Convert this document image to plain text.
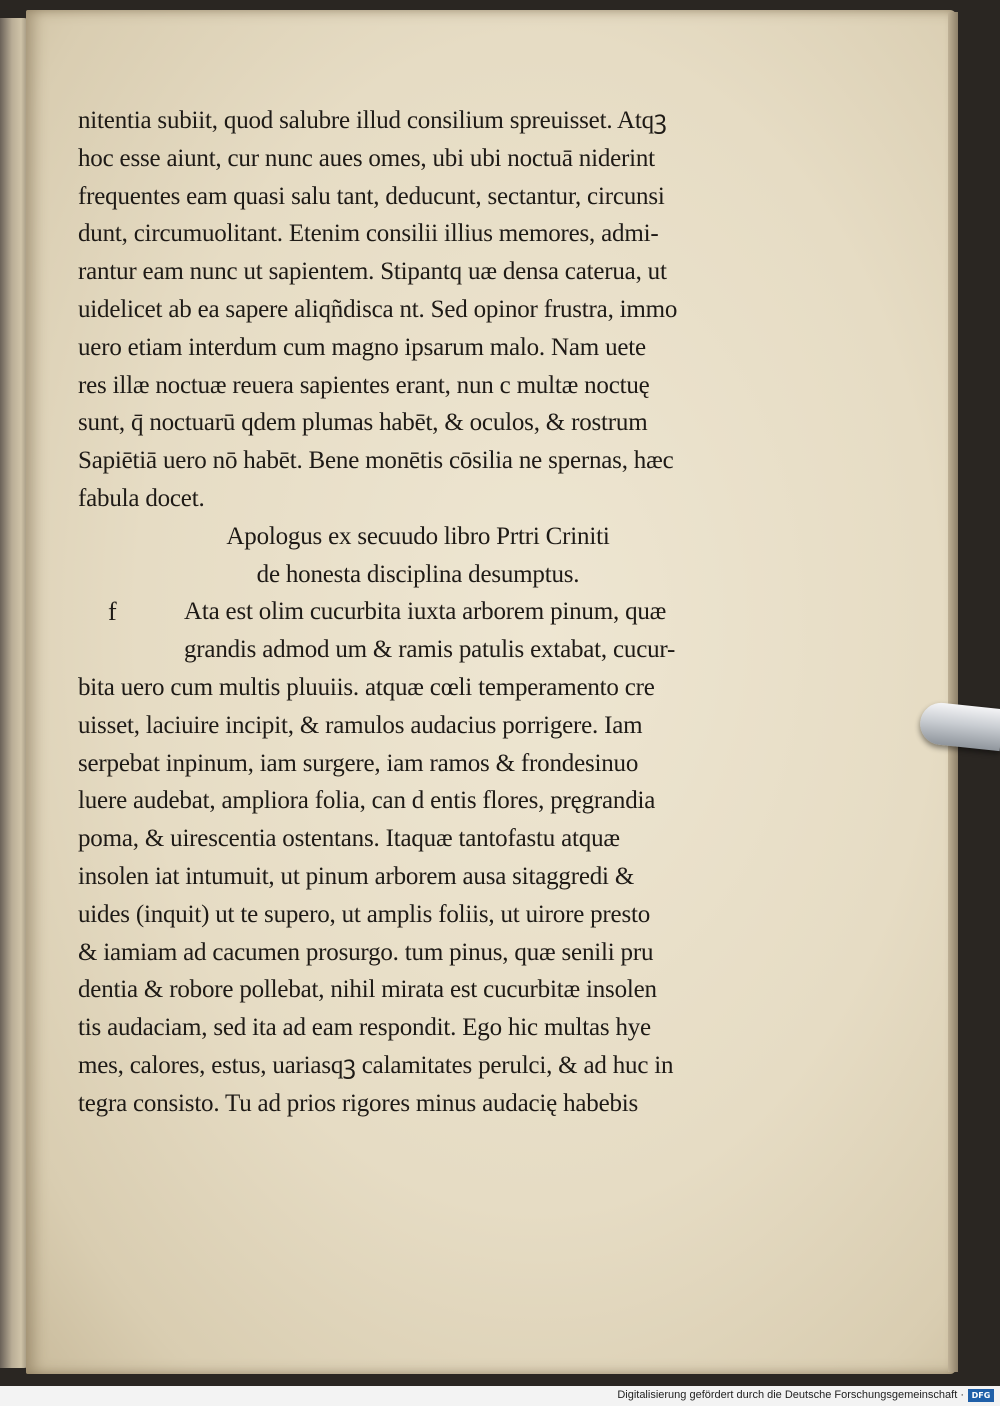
nitentia subiit, quod salubre illud consilium spreuisset. Atqꝫ
hoc esse aiunt, cur nunc aues omes, ubi ubi noctuā niderint
frequentes eam quasi salu tant, deducunt, sectantur, circunsi
dunt, circumuolitant. Etenim consilii illius memores, admi-
rantur eam nunc ut sapientem. Stipantq uæ densa caterua, ut
uidelicet ab ea sapere aliqñdisca nt. Sed opinor frustra, immo
uero etiam interdum cum magno ipsarum malo. Nam uete
res illæ noctuæ reuera sapientes erant, nun c multæ noctuę
sunt, q̄ noctuarū qdem plumas habēt, & oculos, & rostrum
Sapiētiā uero nō habēt. Bene monētis cōsilia ne spernas, hæc
fabula docet.
Apologus ex secuudo libro Prtri Criniti
de honesta disciplina desumptus.
f	Ata est olim cucurbita iuxta arborem pinum, quæ
grandis admod um & ramis patulis extabat, cucur-
bita uero cum multis pluuiis. atquæ cœli temperamento cre
uisset, laciuire incipit, & ramulos audacius porrigere. Iam
serpebat inpinum, iam surgere, iam ramos & frondesinuo
luere audebat, ampliora folia, can d entis flores, pręgrandia
poma, & uirescentia ostentans. Itaquæ tantofastu atquæ
insolen iat intumuit, ut pinum arborem ausa sitaggredi &
uides (inquit) ut te supero, ut amplis foliis, ut uirore presto
& iamiam ad cacumen prosurgo. tum pinus, quæ senili pru
dentia & robore pollebat, nihil mirata est cucurbitæ insolen
tis audaciam, sed ita ad eam respondit. Ego hic multas hye
mes, calores, estus, uariasqꝫ calamitates perulci, & ad huc in
tegra consisto. Tu ad prios rigores minus audacię habebis
Digitalisierung gefördert durch die Deutsche Forschungsgemeinschaft · DFG
